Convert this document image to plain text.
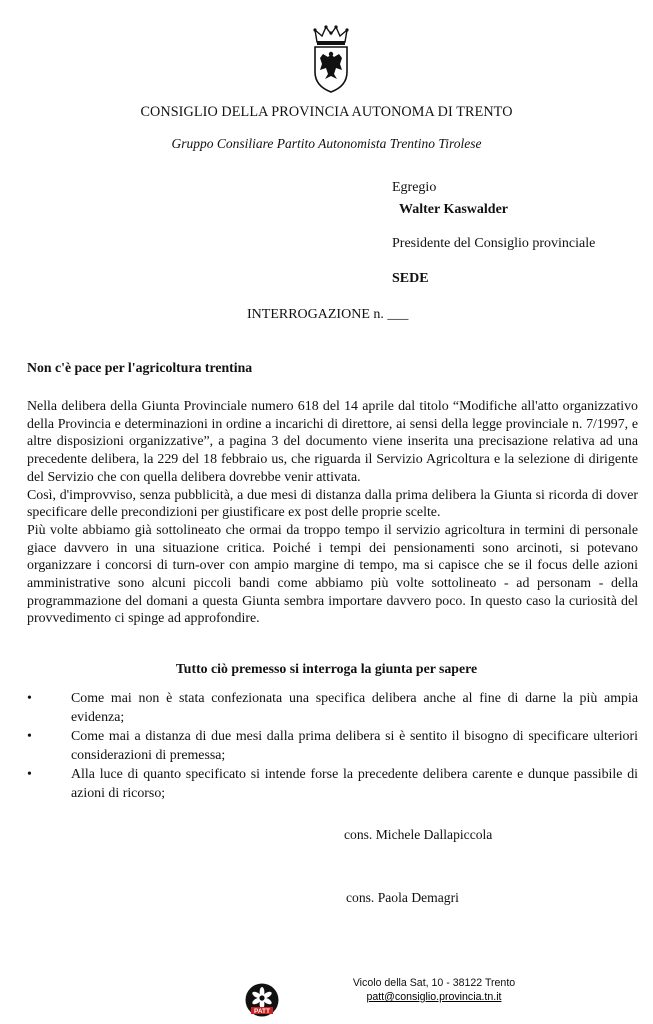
CONSIGLIO DELLA PROVINCIA AUTONOMA DI TRENTO
Gruppo Consiliare Partito Autonomista Trentino Tirolese
Egregio
Walter Kaswalder
Presidente del Consiglio provinciale
SEDE
INTERROGAZIONE n. ___
Non c'è pace per l'agricoltura trentina

Nella delibera della Giunta Provinciale numero 618 del 14 aprile dal titolo “Modifiche all'atto organizzativo della Provincia e determinazioni in ordine a incarichi di direttore, ai sensi della legge provinciale n. 7/1997, e altre disposizioni organizzative”, a pagina 3 del documento viene inserita una precisazione relativa ad una precedente delibera, la 229 del 18 febbraio us, che riguarda il Servizio Agricoltura e la selezione di dirigente del Servizio che con quella delibera dovrebbe venir attivata.

Così, d'improvviso, senza pubblicità, a due mesi di distanza dalla prima delibera la Giunta si ricorda di dover specificare delle precondizioni per giustificare ex post delle proprie scelte.

Più volte abbiamo già sottolineato che ormai da troppo tempo il servizio agricoltura in termini di personale giace davvero in una situazione critica. Poiché i tempi dei pensionamenti sono arcinoti, si potevano organizzare i concorsi di turn-over con ampio margine di tempo, ma si capisce che se il focus delle azioni amministrative sono alcuni piccoli bandi come abbiamo più volte sottolineato - ad personam - della programmazione del domani a questa Giunta sembra importare davvero poco. In questo caso la curiosità del provvedimento ci spinge ad approfondire.

Tutto ciò premesso si interroga la giunta per sapere
•	Come mai non è stata confezionata una specifica delibera anche al fine di darne la più ampia evidenza;
•	Come mai a distanza di due mesi dalla prima delibera si è sentito il bisogno di specificare ulteriori considerazioni di premessa;
•	Alla luce di quanto specificato si intende forse la precedente delibera carente e dunque passibile di azioni di ricorso;
cons. Michele Dallapiccola
cons. Paola Demagri
PATT
Vicolo della Sat, 10 - 38122 Trento
patt@consiglio.provincia.tn.it
